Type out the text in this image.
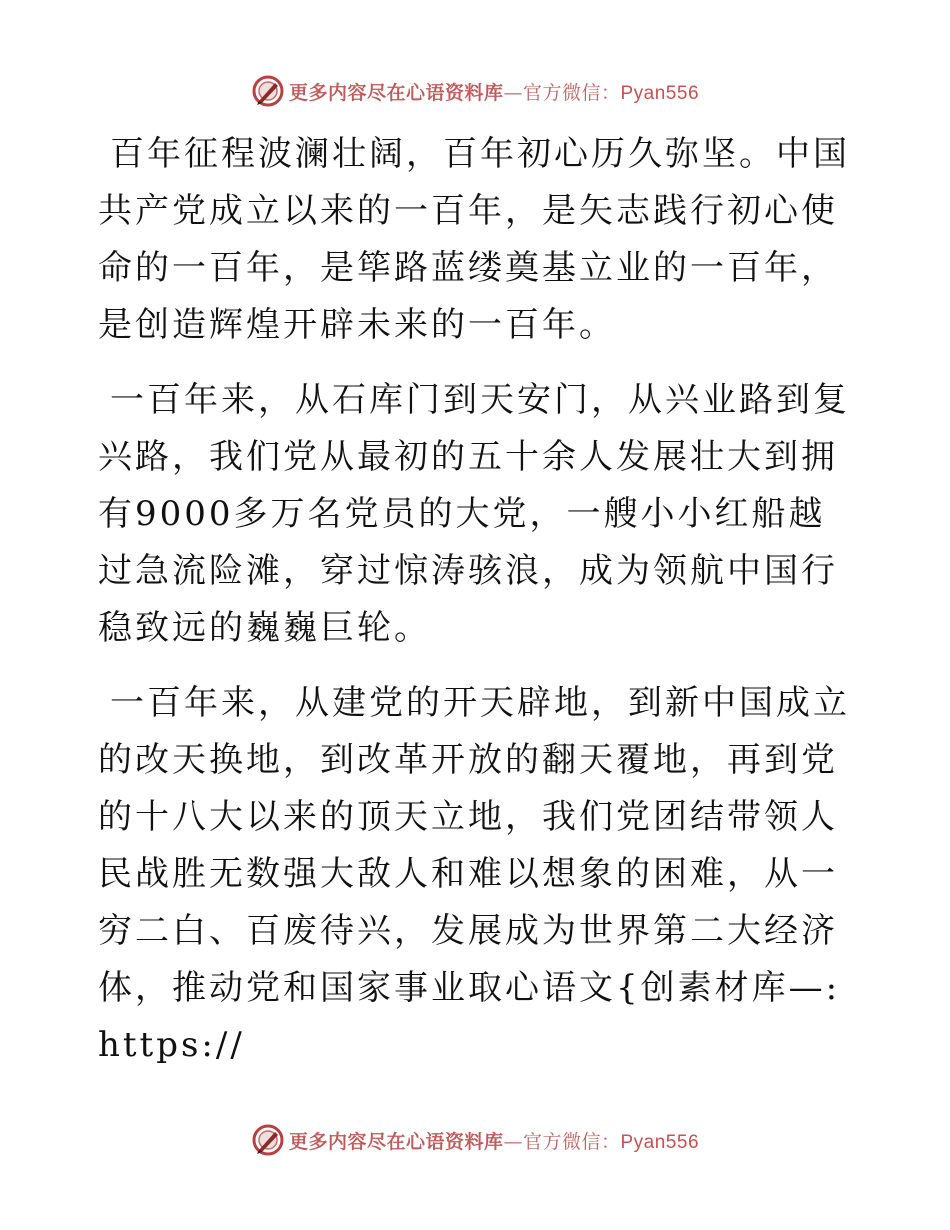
更多内容尽在心语资料库—官方微信：Pyan556

百年征程波澜壮阔，百年初心历久弥坚。中国共产党成立以来的一百年，是矢志践行初心使命的一百年，是筚路蓝缕奠基立业的一百年，是创造辉煌开辟未来的一百年。

一百年来，从石库门到天安门，从兴业路到复兴路，我们党从最初的五十余人发展壮大到拥有9000多万名党员的大党，一艘小小红船越过急流险滩，穿过惊涛骇浪，成为领航中国行稳致远的巍巍巨轮。

一百年来，从建党的开天辟地，到新中国成立的改天换地，到改革开放的翻天覆地，再到党的十八大以来的顶天立地，我们党团结带领人民战胜无数强大敌人和难以想象的困难，从一穷二白、百废待兴，发展成为世界第二大经济体，推动党和国家事业取心语文{创素材库—: https://

更多内容尽在心语资料库—官方微信：Pyan556
